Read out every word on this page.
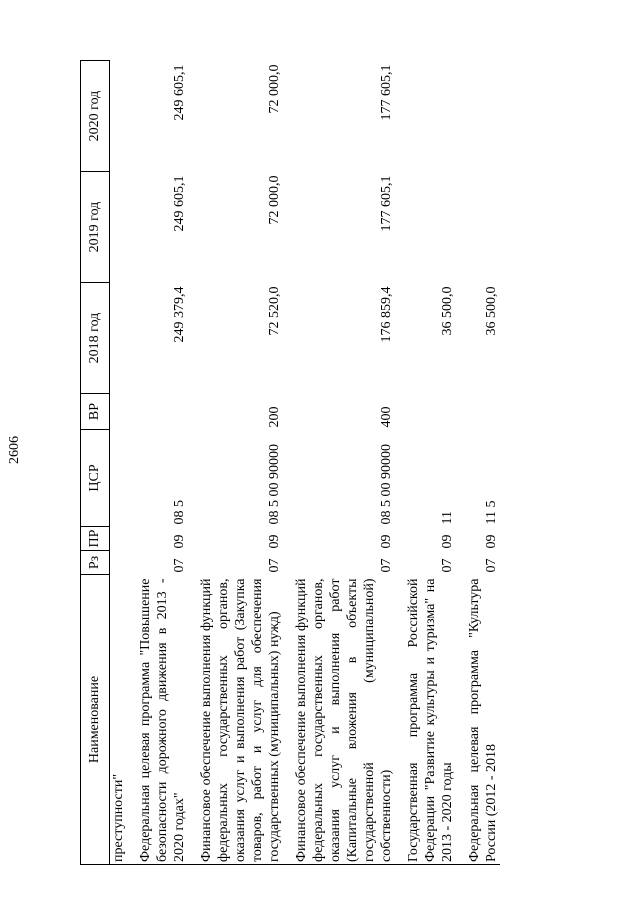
2606
Наименование	Рз	ПР	ЦСР	ВР	2018 год	2019 год	2020 год
преступности"							

Федеральная целевая программа "Повышение безопасности дорожного движения в 2013 - 2020 годах"	07	09	08 5		249 379,4	249 605,1	249 605,1

Финансовое обеспечение выполнения функций федеральных государственных органов, оказания услуг и выполнения работ (Закупка товаров, работ и услуг для обеспечения государственных (муниципальных) нужд)	07	09	08 5 00 90000	200	72 520,0	72 000,0	72 000,0

Финансовое обеспечение выполнения функций федеральных государственных органов, оказания услуг и выполнения работ (Капитальные вложения в объекты государственной (муниципальной) собственности)	07	09	08 5 00 90000	400	176 859,4	177 605,1	177 605,1

Государственная программа Российской Федерации "Развитие культуры и туризма" на 2013 - 2020 годы	07	09	11		36 500,0		

Федеральная целевая программа "Культура России (2012 - 2018	07	09	11 5		36 500,0		
